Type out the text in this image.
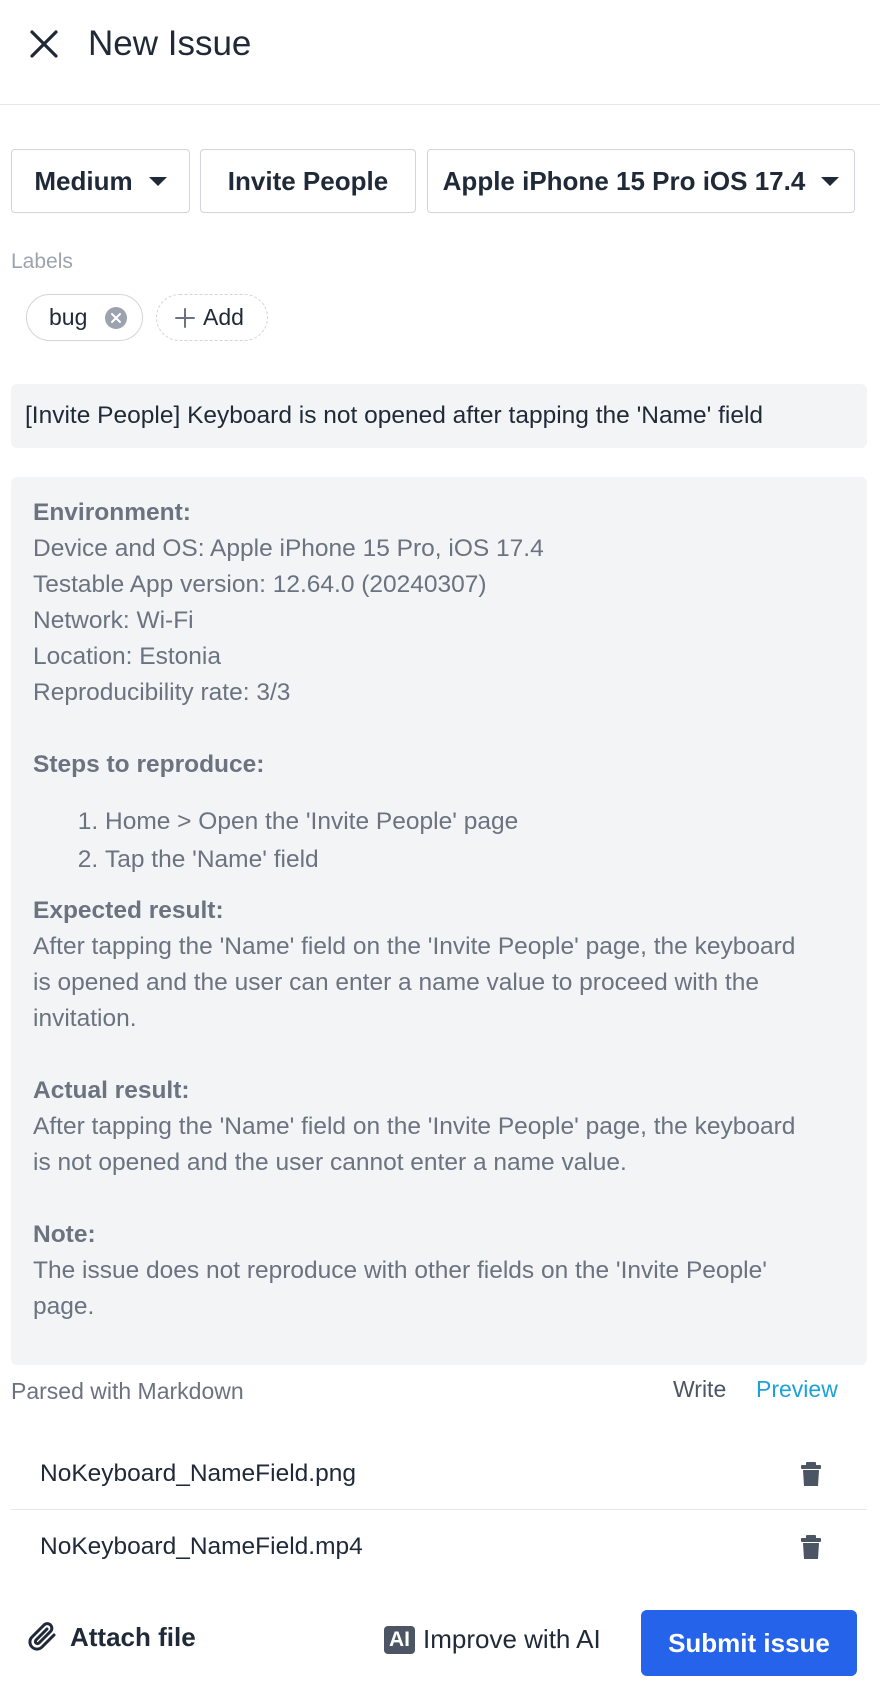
New Issue
Medium	Invite People Apple iPhone 15 Pro iOS 17.4
Labels
bug	Add
[Invite People] Keyboard is not opened after tapping the 'Name' field
Environment:
Device and OS: Apple iPhone 15 Pro, iOS 17.4
Testable App version: 12.64.0 (20240307)
Network: Wi-Fi
Location: Estonia
Reproducibility rate: 3/3
Steps to reproduce:
1. Home > Open the 'Invite People' page
2. Tap the 'Name' field
Expected result:
After tapping the 'Name' field on the 'Invite People' page, the keyboard
is opened and the user can enter a name value to proceed with the
invitation.
Actual result:
After tapping the 'Name' field on the 'Invite People' page, the keyboard
is not opened and the user cannot enter a name value.
Note:
The issue does not reproduce with other fields on the 'Invite People'
page.
Parsed with Markdown	Write Preview
NoKeyboard_NameField.png
NoKeyboard_NameField.mp4
Attach file	AI Improve with AI	Submit issue
